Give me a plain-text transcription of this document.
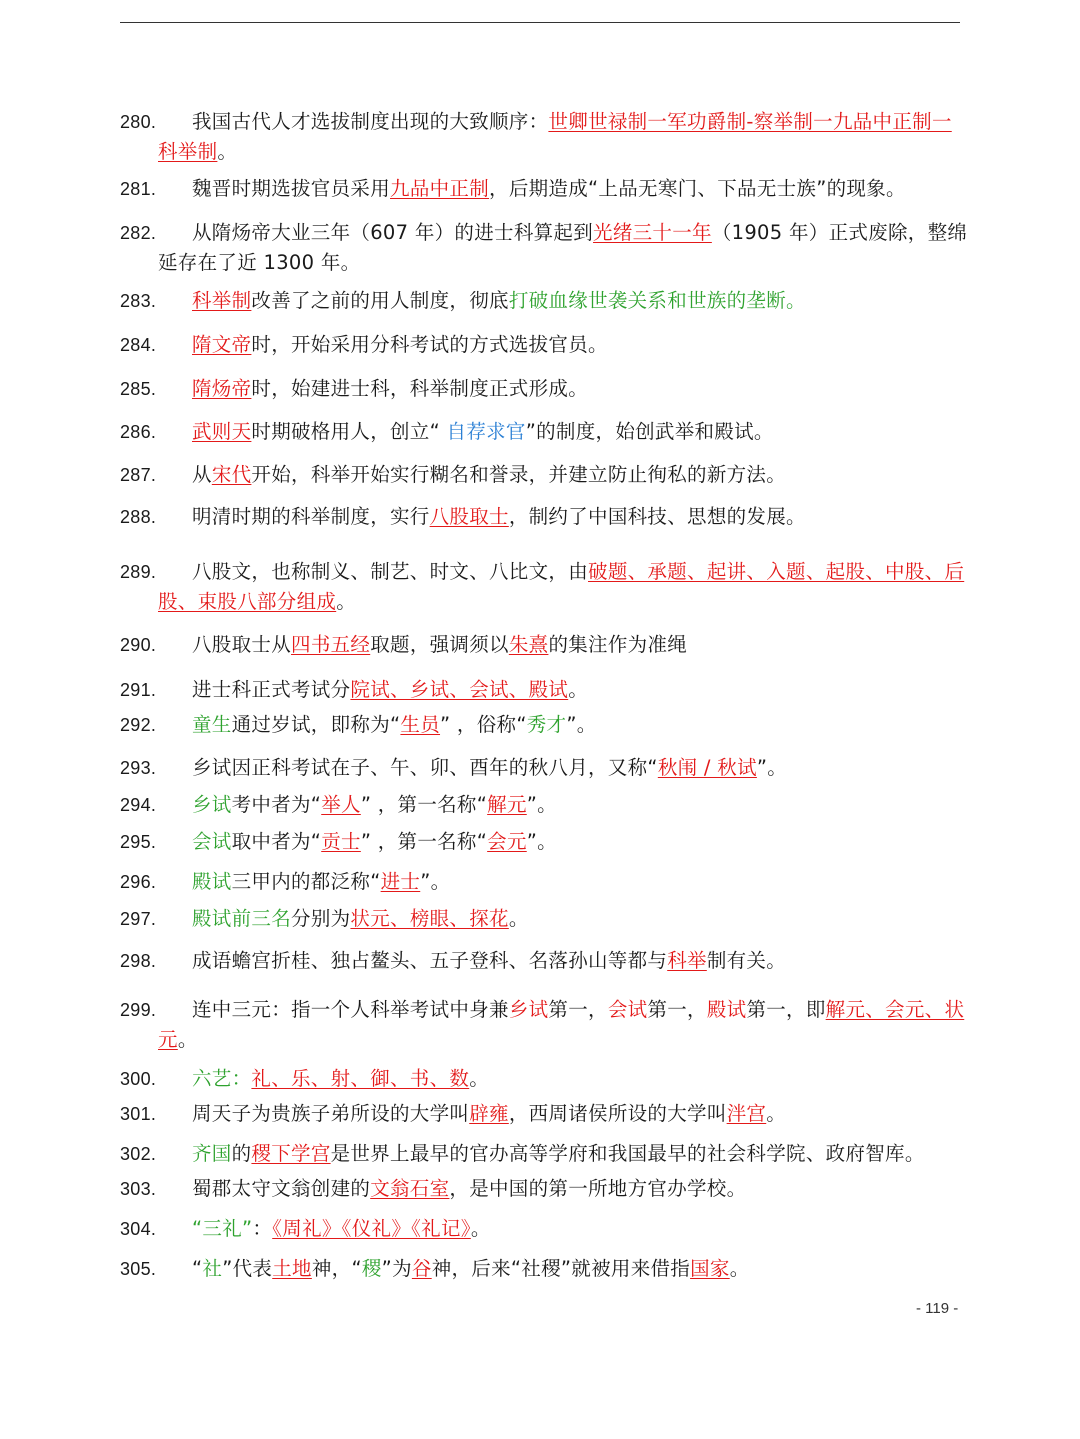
280.	我国古代人才选拔制度出现的大致顺序：世卿世禄制一军功爵制-察举制一九品中正制一科举制。
281.	魏晋时期选拔官员采用九品中正制，后期造成“上品无寒门、下品无士族”的现象。
282.	从隋炀帝大业三年（607 年）的进士科算起到光绪三十一年（1905 年）正式废除，整绵延存在了近 1300 年。
283.	科举制改善了之前的用人制度，彻底打破血缘世袭关系和世族的垄断。
284.	隋文帝时，开始采用分科考试的方式选拔官员。
285.	隋炀帝时，始建进士科，科举制度正式形成。
286.	武则天时期破格用人，创立“ 自荐求官”的制度，始创武举和殿试。
287.	从宋代开始，科举开始实行糊名和誉录，并建立防止徇私的新方法。
288.	明清时期的科举制度，实行八股取士，制约了中国科技、思想的发展。
289.	八股文，也称制义、制艺、时文、八比文，由破题、承题、起讲、入题、起股、中股、后股、束股八部分组成。
290.	八股取士从四书五经取题，强调须以朱熹的集注作为准绳
291.	进士科正式考试分院试、乡试、会试、殿试。
292.	童生通过岁试，即称为“生员” ，俗称“秀才”。
293.	乡试因正科考试在子、午、卯、酉年的秋八月，又称“秋闱 / 秋试”。
294.	乡试考中者为“举人” ，第一名称“解元”。
295.	会试取中者为“贡士” ，第一名称“会元”。
296.	殿试三甲内的都泛称“进士”。
297.	殿试前三名分别为状元、榜眼、探花。
298.	成语蟾宫折桂、独占鳌头、五子登科、名落孙山等都与科举制有关。
299.	连中三元：指一个人科举考试中身兼乡试第一，会试第一，殿试第一，即解元、会元、状元。
300.	六艺：礼、乐、射、御、书、数。
301.	周天子为贵族子弟所设的大学叫辟雍，西周诸侯所设的大学叫泮宫。
302.	齐国的稷下学宫是世界上最早的官办高等学府和我国最早的社会科学院、政府智库。
303.	蜀郡太守文翁创建的文翁石室，是中国的第一所地方官办学校。
304.	“三礼”：《周礼》《仪礼》《礼记》。
305.	“社”代表土地神，“稷”为谷神，后来“社稷”就被用来借指国家。
- 119 -
